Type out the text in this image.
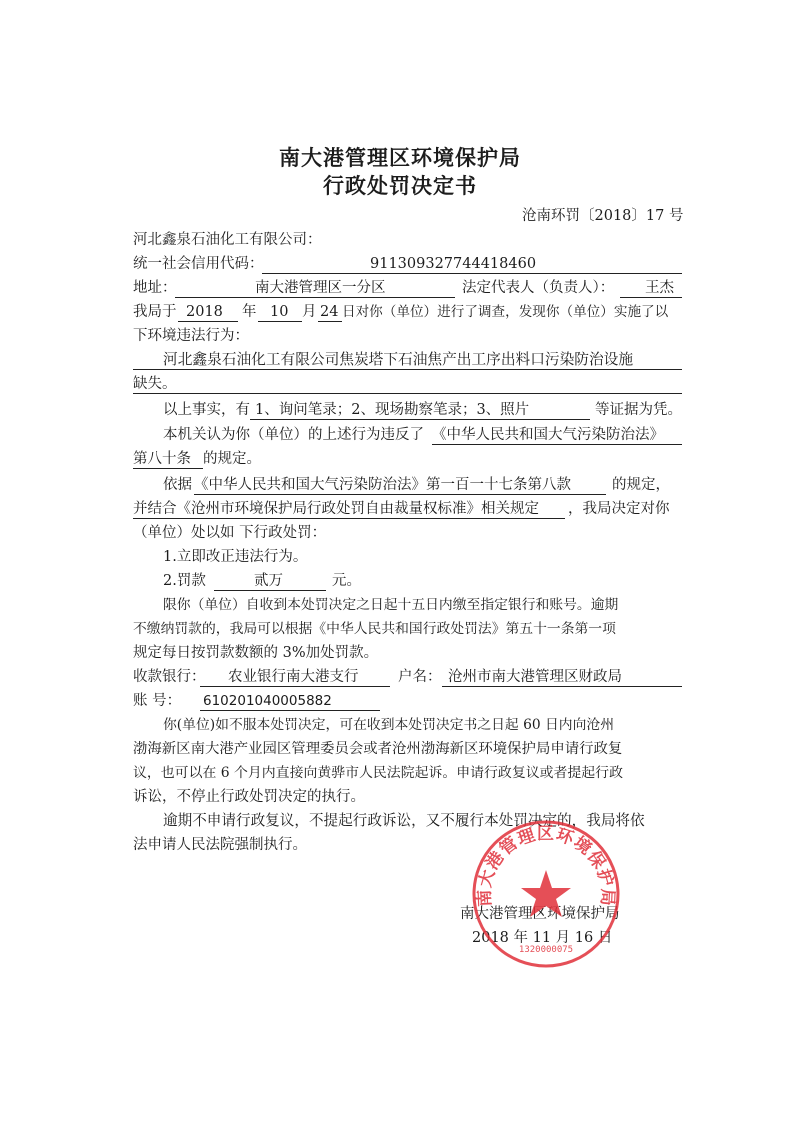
南大港管理区环境保护局
行政处罚决定书
沧南环罚〔2018〕17 号
河北鑫泉石油化工有限公司：
统一社会信用代码：	911309327744418460
地址：	南大港管理区一分区	法定代表人（负责人）： 王杰
我局于 2018 年 10 月 24 日对你（单位）进行了调查，发现你（单位）实施了以
下环境违法行为：
河北鑫泉石油化工有限公司焦炭塔下石油焦产出工序出料口污染防治设施
缺失。
以上事实，有 1、询问笔录；2、现场勘察笔录；3、照片	等证据为凭。
本机关认为你（单位）的上述行为违反了 《中华人民共和国大气污染防治法》
第八十条 的规定。
依据 《中华人民共和国大气污染防治法》第一百一十七条第八款	的规定，
并结合《沧州市环境保护局行政处罚自由裁量权标准》相关规定 ，我局决定对你
（单位）处以如 下行政处罚：
1.立即改正违法行为。
2.罚款	贰万	元。
限你（单位）自收到本处罚决定之日起十五日内缴至指定银行和账号。逾期
不缴纳罚款的，我局可以根据《中华人民共和国行政处罚法》第五十一条第一项
规定每日按罚款数额的 3%加处罚款。
收款银行： 农业银行南大港支行	户名： 沧州市南大港管理区财政局
账 号： 610201040005882
你(单位)如不服本处罚决定，可在收到本处罚决定书之日起 60 日内向沧州
渤海新区南大港产业园区管理委员会或者沧州渤海新区环境保护局申请行政复
议，也可以在 6 个月内直接向黄骅市人民法院起诉。申请行政复议或者提起行政
诉讼，不停止行政处罚决定的执行。
逾期不申请行政复议，不提起行政诉讼，又不履行本处罚决定的，我局将依
法申请人民法院强制执行。
南大港管理区环境保护局
2018 年 11 月 16 日
南大港管理区环境保护局
1320000075
